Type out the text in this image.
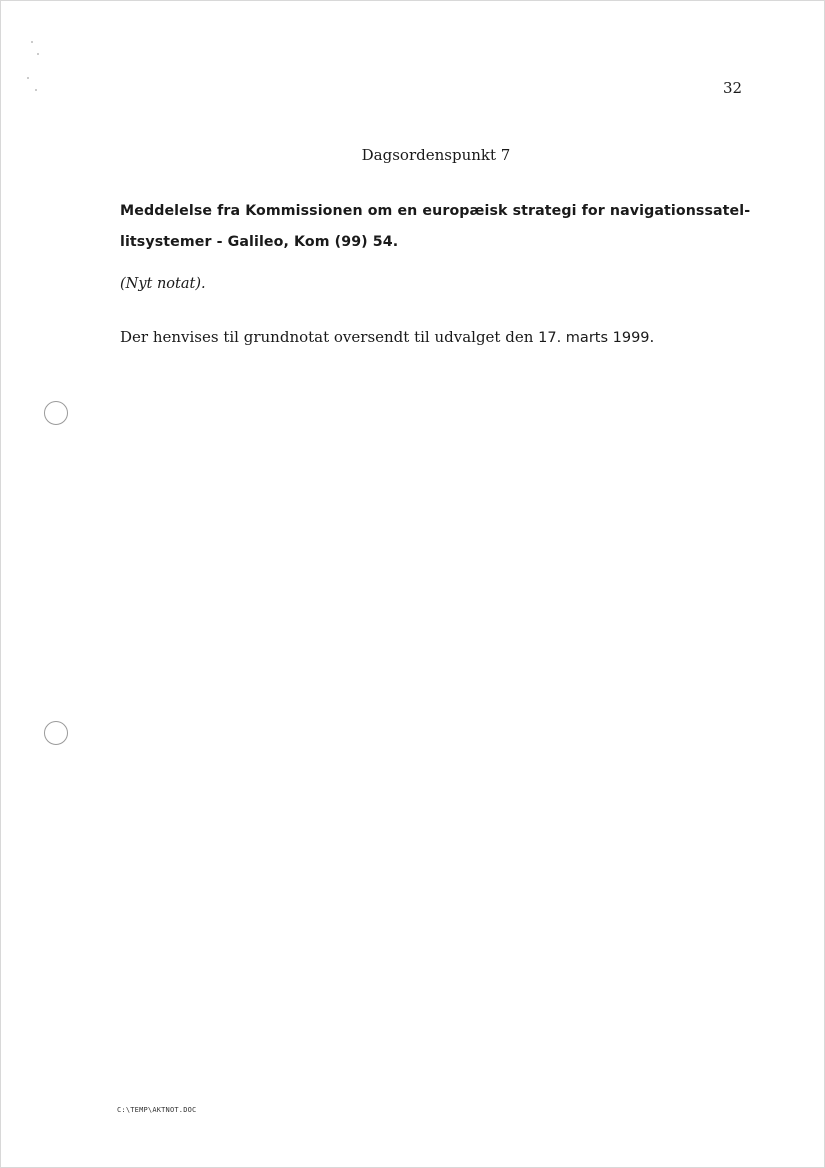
32
Dagsordenspunkt 7
Meddelelse fra Kommissionen om en europæisk strategi for navigationssatel-
litsystemer - Galileo, Kom (99) 54.
(Nyt notat).
Der henvises til grundnotat oversendt til udvalget den 17. marts 1999.
C:\TEMP\AKTNOT.DOC
